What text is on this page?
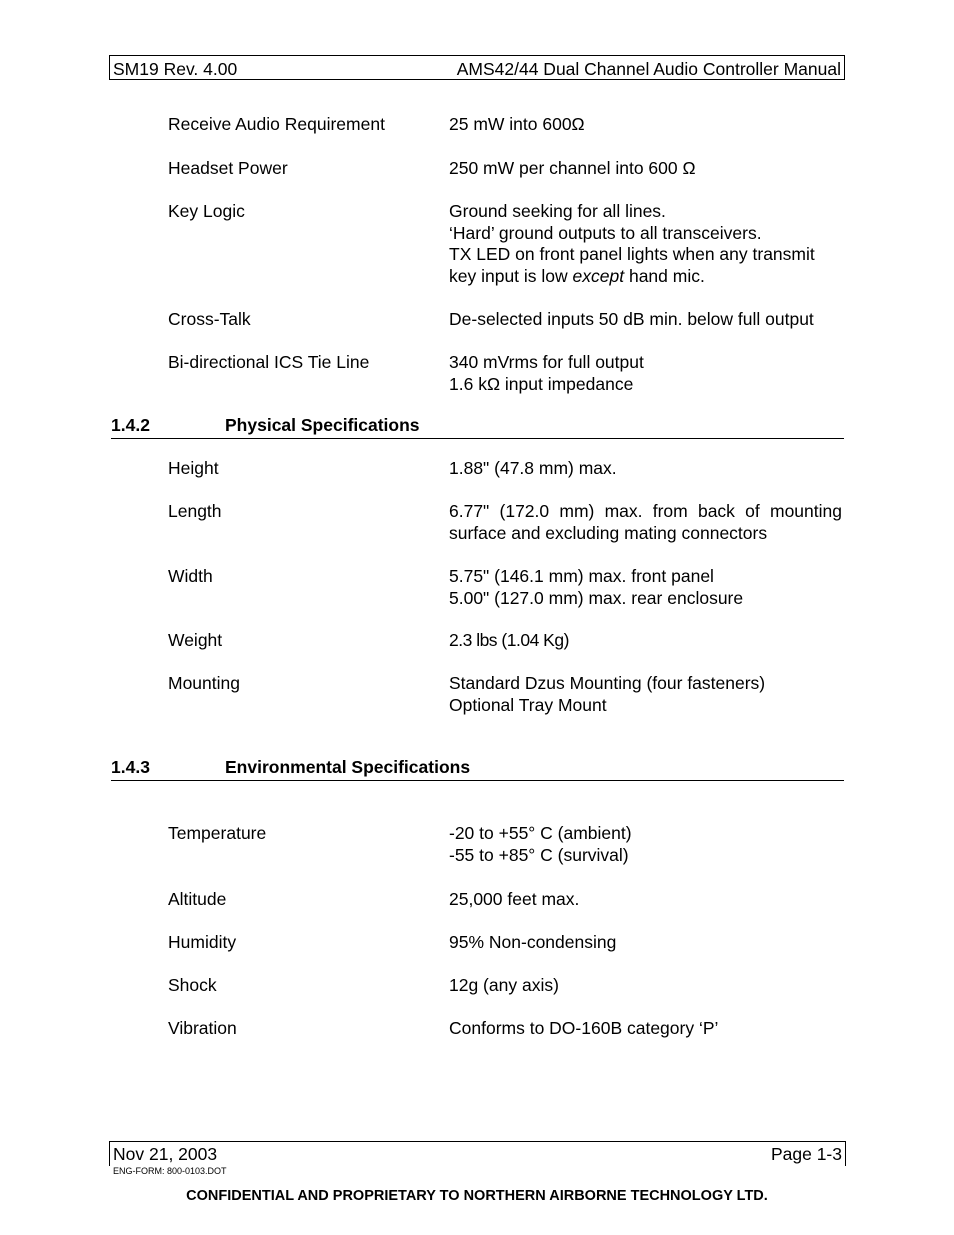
SM19 Rev. 4.00	AMS42/44 Dual Channel Audio Controller Manual
Receive Audio Requirement	25 mW into 600Ω
Headset Power	250 mW per channel into 600 Ω
Key Logic	Ground seeking for all lines.
‘Hard’ ground outputs to all transceivers.
TX LED on front panel lights when any transmit
key input is low except hand mic.
Cross-Talk	De-selected inputs 50 dB min. below full output
Bi-directional ICS Tie Line	340 mVrms for full output
1.6 kΩ input impedance
1.4.2	Physical Specifications
Height	1.88" (47.8 mm) max.
Length	6.77" (172.0 mm) max. from back of mounting surface and excluding mating connectors
Width	5.75" (146.1 mm) max. front panel
5.00" (127.0 mm) max. rear enclosure
Weight	2.3 lbs (1.04 Kg)
Mounting	Standard Dzus Mounting (four fasteners)
Optional Tray Mount
1.4.3	Environmental Specifications
Temperature	-20 to +55° C (ambient)
-55 to +85° C (survival)
Altitude	25,000 feet max.
Humidity	95% Non-condensing
Shock	12g (any axis)
Vibration	Conforms to DO-160B category ‘P’
Nov 21, 2003	Page 1-3
ENG-FORM: 800-0103.DOT
CONFIDENTIAL AND PROPRIETARY TO NORTHERN AIRBORNE TECHNOLOGY LTD.
